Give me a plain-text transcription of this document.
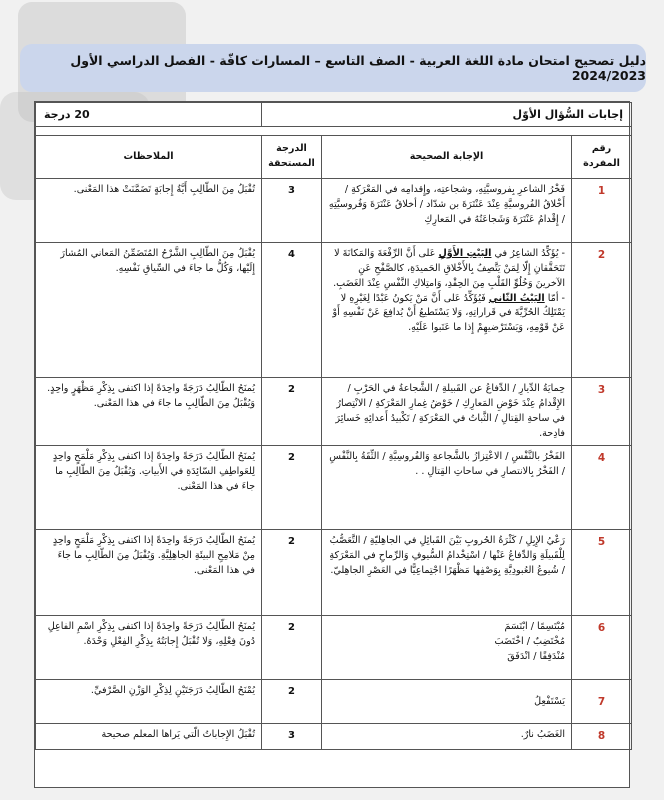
دليل تصحيح امتحان مادة اللغة العربية - الصف التاسع – المسارات كافّة - الفصل الدراسي الأول 2024/2023
إجابات السُّؤال الأوّل			20 درجة

رقم المفردة	الإجابة الصحيحة	الدرجة المستحقة	الملاحظات
1	فَخْرُ الشاعرِ بِفروسيَّتِهِ، وشجاعتِه، وإِقدامِه في المَعْرَكةِ / أَخْلاقُ الفُروسيَّةِ عِنْدَ عَنْتَرَةَ بن شدّاد / أخلاقُ عَنْتَرَةَ وَفُروسيَّتِهِ / إِقْدامُ عَنْتَرَةَ وَشَجاعَتُهُ في المَعارِكِ	3	تُقْبَلُ مِنَ الطّالِبِ أَيَّةُ إِجابَةٍ تَضَمَّنَتْ هذا المَعْنى.
2	- يُؤَكِّدُ الشاعِرُ في البَيْتِ الأَوَّلِ عَلى أَنَّ الرِّفْعَةَ وَالمَكانَةَ لا تَتَحَقَّقانِ إِلّا لِمَنْ يَتَّصِفُ بِالأَخْلاقِ الحَميدَةِ، كالصَّفْحِ عَنِ الآخرينَ وَخُلُوِّ القَلْبِ مِنَ الحِقْدِ، وَامتِلاكِ النَّفْسِ عِنْدَ الغَضَبِ.
- أمّا البَيْتُ الثّاني فَيُؤَكِّدُ عَلى أَنَّ مَنْ يَكونُ عَبْدًا لِغَيْرِهِ لا يَمْتَلِكُ الحُرِّيَّةَ في قَراراتِهِ، وَلا يَسْتَطيعُ أَنْ يُدافِعَ عَنْ نَفْسِهِ أَوْ عَنْ قَوْمِهِ، وَيَسْتَرْضيهِمْ إِذا ما عَتَبوا عَلَيْهِ.	4	يُقْبَلُ مِنَ الطّالِبِ الشَّرْحُ المُتَضَمِّنُ المَعاني المُشارَ إِلَيْها، وَكُلُّ ما جاءَ في السِّياقِ نَفْسِهِ.
3	حِمايَةُ الدِّيارِ / الدِّفاعُ عن القَبيلةِ / الشَّجاعةُ في الحَرْبِ / الإِقْدامُ عِنْدَ خَوْضِ المَعارِكِ / خَوْضُ غِمارِ المَعْرَكةِ / الانْتِصارُ في ساحةِ القِتالِ / الثَّباتُ في المَعْرَكةِ / تَكْبيدُ أَعدائِهِ خَسائِرَ فادِحة.	2	يُمنَحُ الطّالِبُ دَرَجَةً واحِدَةً إذا اكتفى بِذِكْرِ مَظْهَرٍ واحِدٍ. وَيُقْبَلُ مِنَ الطّالِبِ ما جاءَ في هذا المَعْنى.
4	الفَخْرُ بالنَّفْسِ / الاعْتِزازُ بالشَّجاعةِ وَالفُروسِيَّةِ / الثِّقَةُ بِالنَّفْسِ / الفَخْرُ بِالانتصارِ في ساحاتِ القِتالِ . .	2	يُمنَحُ الطّالِبُ دَرَجَةً واحِدَةً إذا اكتفى بِذِكْرِ مَلْمَحٍ واحِدٍ لِلعَواطِفِ السّائِدَةِ في الأَبياتِ. وَيُقْبَلُ مِنَ الطّالِبِ ما جاءَ في هذا المَعْنى.
5	رَعْيُ الإِبِلِ / كَثْرَةُ الحُروبِ بَيْنَ القَبائِلِ في الجاهِليّةِ / التَّعَصُّبُ لِلْقَبيلَةِ وَالدِّفاعُ عَنْها / اسْتِخْدامُ السُّيوفِ وَالرِّماحِ في المَعْرَكةِ / شُيوعُ العُبودِيَّةِ بِوَصْفِها مَظْهَرًا اجْتِماعِيًّا في العَصْرِ الجاهِليّ.	2	يُمنَحُ الطّالِبُ دَرَجَةً واحِدَةً إذا اكتفى بِذِكْرِ مَلْمَحٍ واحِدٍ مِنْ مَلامِحِ البيئَةِ الجاهِلِيَّةِ. وَيُقْبَلُ مِنَ الطّالِبِ ما جاءَ في هذا المَعْنى.
6	مُبْتَسِمًا / ابْتَسَمَ
مُخْتَضِبٌ / اخْتَضَبَ
مُنْدَفِقًا / انْدَفَقَ	2	يُمنَحُ الطّالِبُ دَرَجَةً واحِدَةً إذا اكتفى بِذِكْرِ اسْمِ الفاعِلِ دُونَ فِعْلِهِ، وَلا تُقْبَلُ إِجابَتُهُ بِذِكْرِ الفِعْلِ وَحْدَهُ.
7	يَسْتَفْعِلُ	2	يُمْنَحُ الطّالِبُ دَرَجَتَيْنِ لِذِكْرِ الوَزْنِ الصَّرْفيِّ.
8	الغَضَبُ نارٌ.	3	تُقْبَلُ الإِجاباتُ الّتي يَراها المعلم صحيحة
